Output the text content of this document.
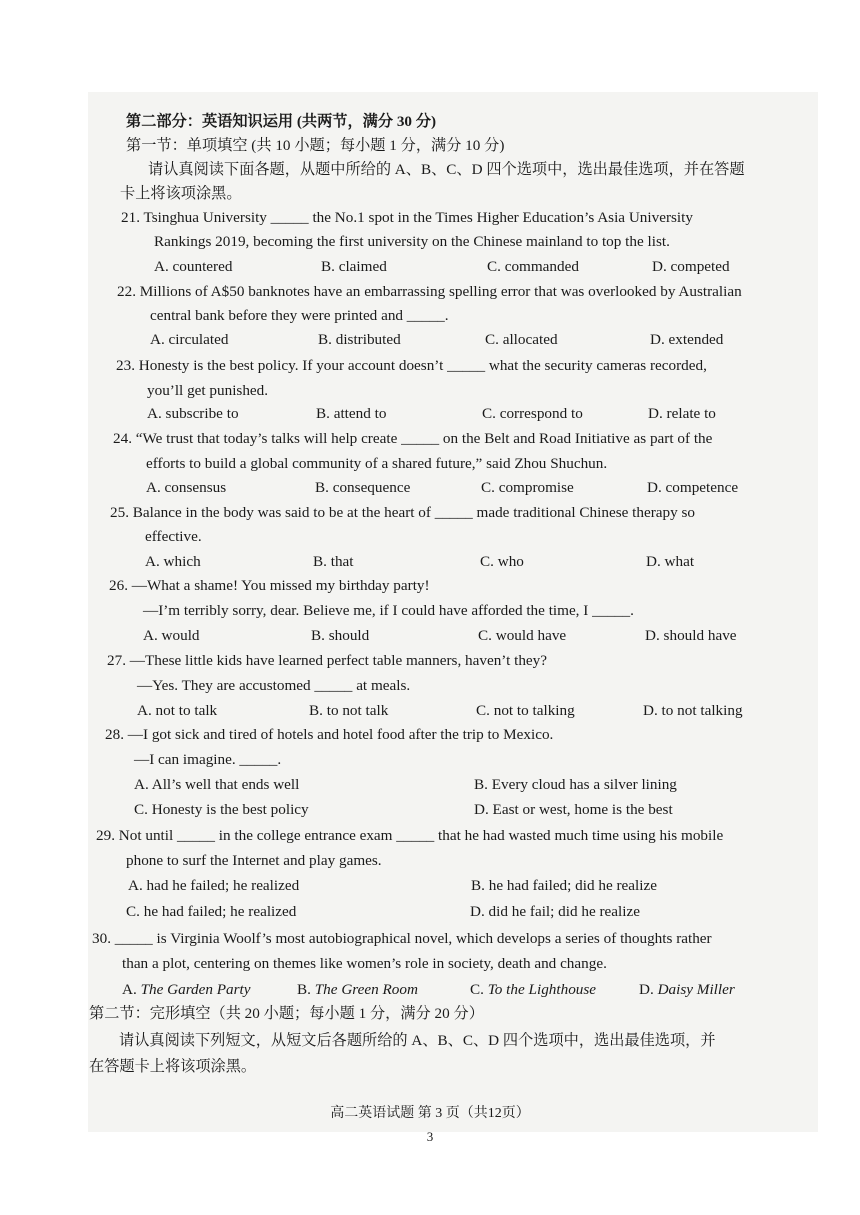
第二部分：英语知识运用 (共两节，满分 30 分)
第一节：单项填空 (共 10 小题；每小题 1 分，满分 10 分)
请认真阅读下面各题，从题中所给的 A、B、C、D 四个选项中，选出最佳选项，并在答题
卡上将该项涂黑。
21. Tsinghua University _____ the No.1 spot in the Times Higher Education’s Asia University
Rankings 2019, becoming the first university on the Chinese mainland to top the list.
A. countered	B. claimed	C. commanded	D. competed
22. Millions of A$50 banknotes have an embarrassing spelling error that was overlooked by Australian
central bank before they were printed and _____.
A. circulated	B. distributed	C. allocated	D. extended
23. Honesty is the best policy. If your account doesn’t _____ what the security cameras recorded,
you’ll get punished.
A. subscribe to	B. attend to	C. correspond to	D. relate to
24. “We trust that today’s talks will help create _____ on the Belt and Road Initiative as part of the
efforts to build a global community of a shared future,” said Zhou Shuchun.
A. consensus	B. consequence	C. compromise	D. competence
25. Balance in the body was said to be at the heart of _____ made traditional Chinese therapy so
effective.
A. which	B. that	C. who	D. what
26. —What a shame! You missed my birthday party!
—I’m terribly sorry, dear. Believe me, if I could have afforded the time, I _____.
A. would	B. should	C. would have	D. should have
27. —These little kids have learned perfect table manners, haven’t they?
—Yes. They are accustomed _____ at meals.
A. not to talk	B. to not talk	C. not to talking	D. to not talking
28. —I got sick and tired of hotels and hotel food after the trip to Mexico.
—I can imagine. _____.
A. All’s well that ends well	B. Every cloud has a silver lining
C. Honesty is the best policy	D. East or west, home is the best
29. Not until _____ in the college entrance exam _____ that he had wasted much time using his mobile
phone to surf the Internet and play games.
A. had he failed; he realized	B. he had failed; did he realize
C. he had failed; he realized	D. did he fail; did he realize
30. _____ is Virginia Woolf’s most autobiographical novel, which develops a series of thoughts rather
than a plot, centering on themes like women’s role in society, death and change.
A. The Garden Party	B. The Green Room	C. To the Lighthouse	D. Daisy Miller
第二节：完形填空（共 20 小题；每小题 1 分，满分 20 分）
请认真阅读下列短文，从短文后各题所给的 A、B、C、D 四个选项中，选出最佳选项，并
在答题卡上将该项涂黑。
高二英语试题 第 3 页（共12页）
3
